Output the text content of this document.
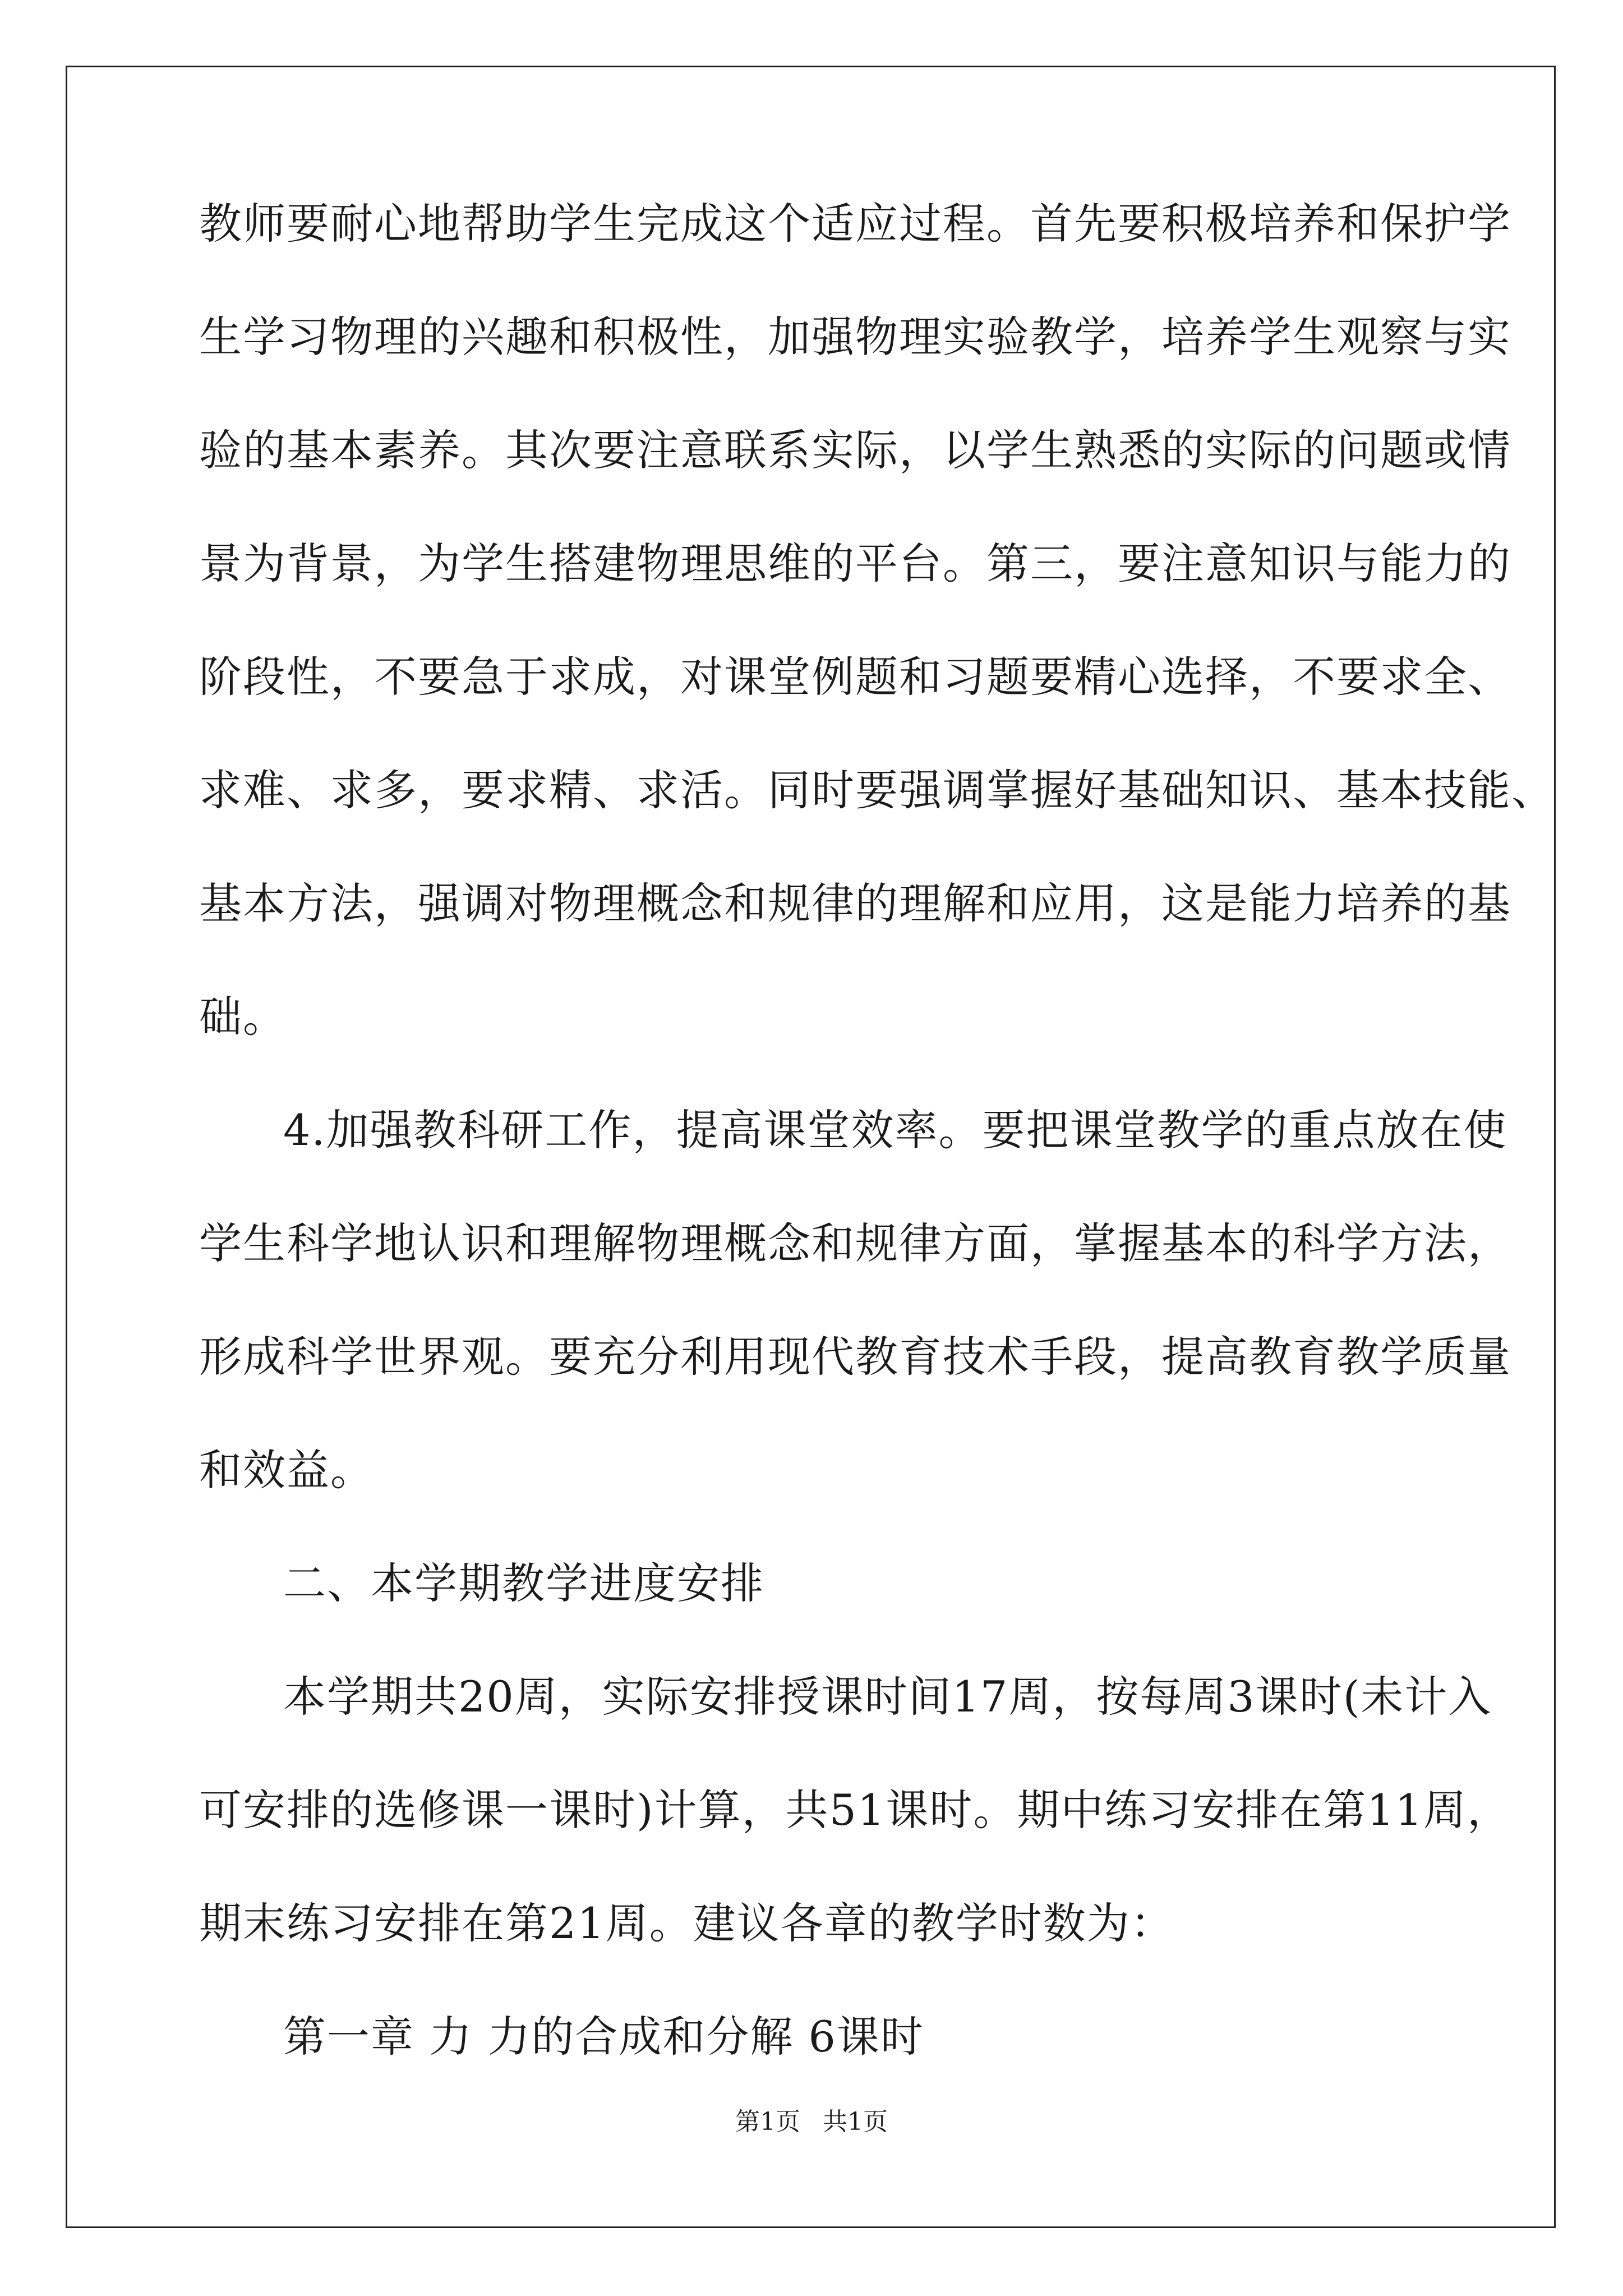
教师要耐心地帮助学生完成这个适应过程。首先要积极培养和保护学
生学习物理的兴趣和积极性，加强物理实验教学，培养学生观察与实
验的基本素养。其次要注意联系实际，以学生熟悉的实际的问题或情
景为背景，为学生搭建物理思维的平台。第三，要注意知识与能力的
阶段性，不要急于求成，对课堂例题和习题要精心选择，不要求全、
求难、求多，要求精、求活。同时要强调掌握好基础知识、基本技能、
基本方法，强调对物理概念和规律的理解和应用，这是能力培养的基
础。
4.加强教科研工作，提高课堂效率。要把课堂教学的重点放在使
学生科学地认识和理解物理概念和规律方面，掌握基本的科学方法，
形成科学世界观。要充分利用现代教育技术手段，提高教育教学质量
和效益。
二、本学期教学进度安排
本学期共20周，实际安排授课时间17周，按每周3课时(未计入
可安排的选修课一课时)计算，共51课时。期中练习安排在第11周，
期末练习安排在第21周。建议各章的教学时数为：
第一章 力 力的合成和分解 6课时
第1页 共1页
